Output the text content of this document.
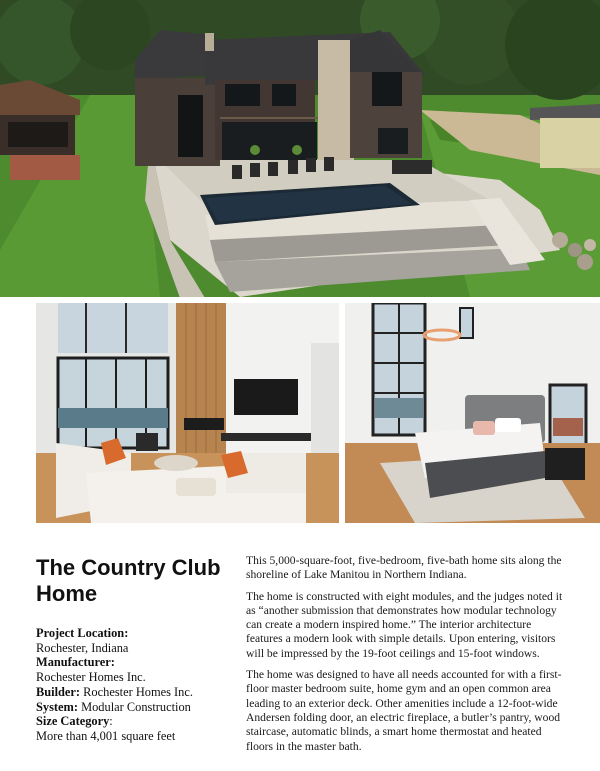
The Country Club Home
Project Location:
Rochester, Indiana
Manufacturer:
Rochester Homes Inc.
Builder: Rochester Homes Inc.
System: Modular Construction
Size Category:
More than 4,001 square feet

This 5,000-square-foot, five-bedroom, five-bath home sits along the shoreline of Lake Manitou in Northern Indiana.

The home is constructed with eight modules, and the judges noted it as “another submission that demonstrates how modular technology can create a modern inspired home.” The interior architecture features a modern look with simple details. Upon entering, visitors will be impressed by the 19-foot ceilings and 15-foot windows.

The home was designed to have all needs accounted for with a first-floor master bedroom suite, home gym and an open common area leading to an exterior deck. Other amenities include a 12-foot-wide Andersen folding door, an electric fireplace, a butler’s pantry, wood staircase, automatic blinds, a smart home thermostat and heated floors in the master bath.
